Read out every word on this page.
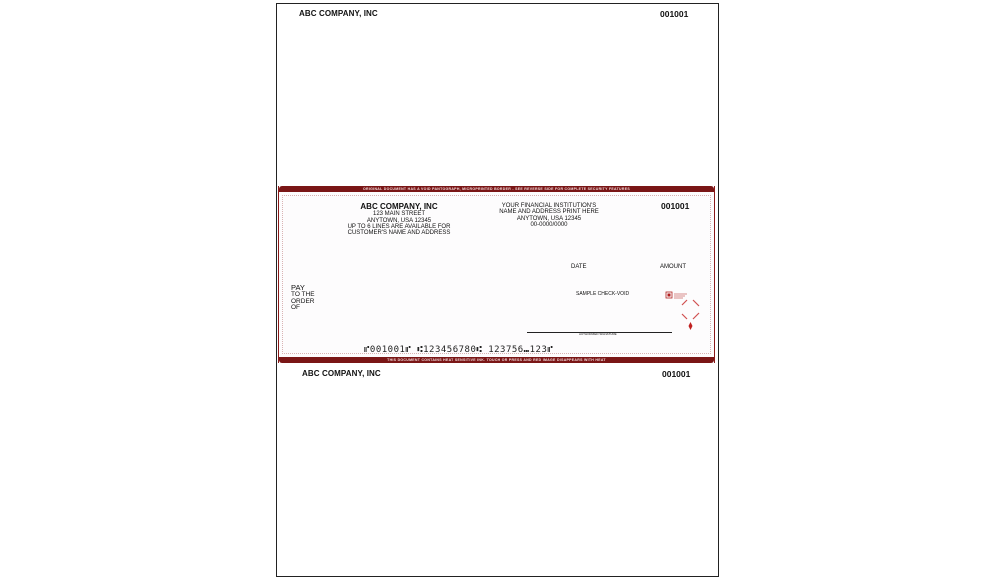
ABC COMPANY, INC	001001
ORIGINAL DOCUMENT HAS A VOID PANTOGRAPH, MICROPRINTED BORDER - SEE REVERSE SIDE FOR COMPLETE SECURITY FEATURES
ABC COMPANY, INC
123 MAIN STREET
ANYTOWN, USA 12345
UP TO 6 LINES ARE AVAILABLE FOR
CUSTOMER'S NAME AND ADDRESS
YOUR FINANCIAL INSTITUTION'S
NAME AND ADDRESS PRINT HERE
ANYTOWN, USA 12345
00-0000/0000
001001
DATE	AMOUNT
PAY
TO THE
ORDER
OF
SAMPLE CHECK-VOID
AUTHORIZED SIGNATURE
⑈001001⑈ ⑆123456780⑆ 123756⑉123⑈
THIS DOCUMENT CONTAINS HEAT SENSITIVE INK. TOUCH OR PRESS AND RED IMAGE DISAPPEARS WITH HEAT
ABC COMPANY, INC	001001
